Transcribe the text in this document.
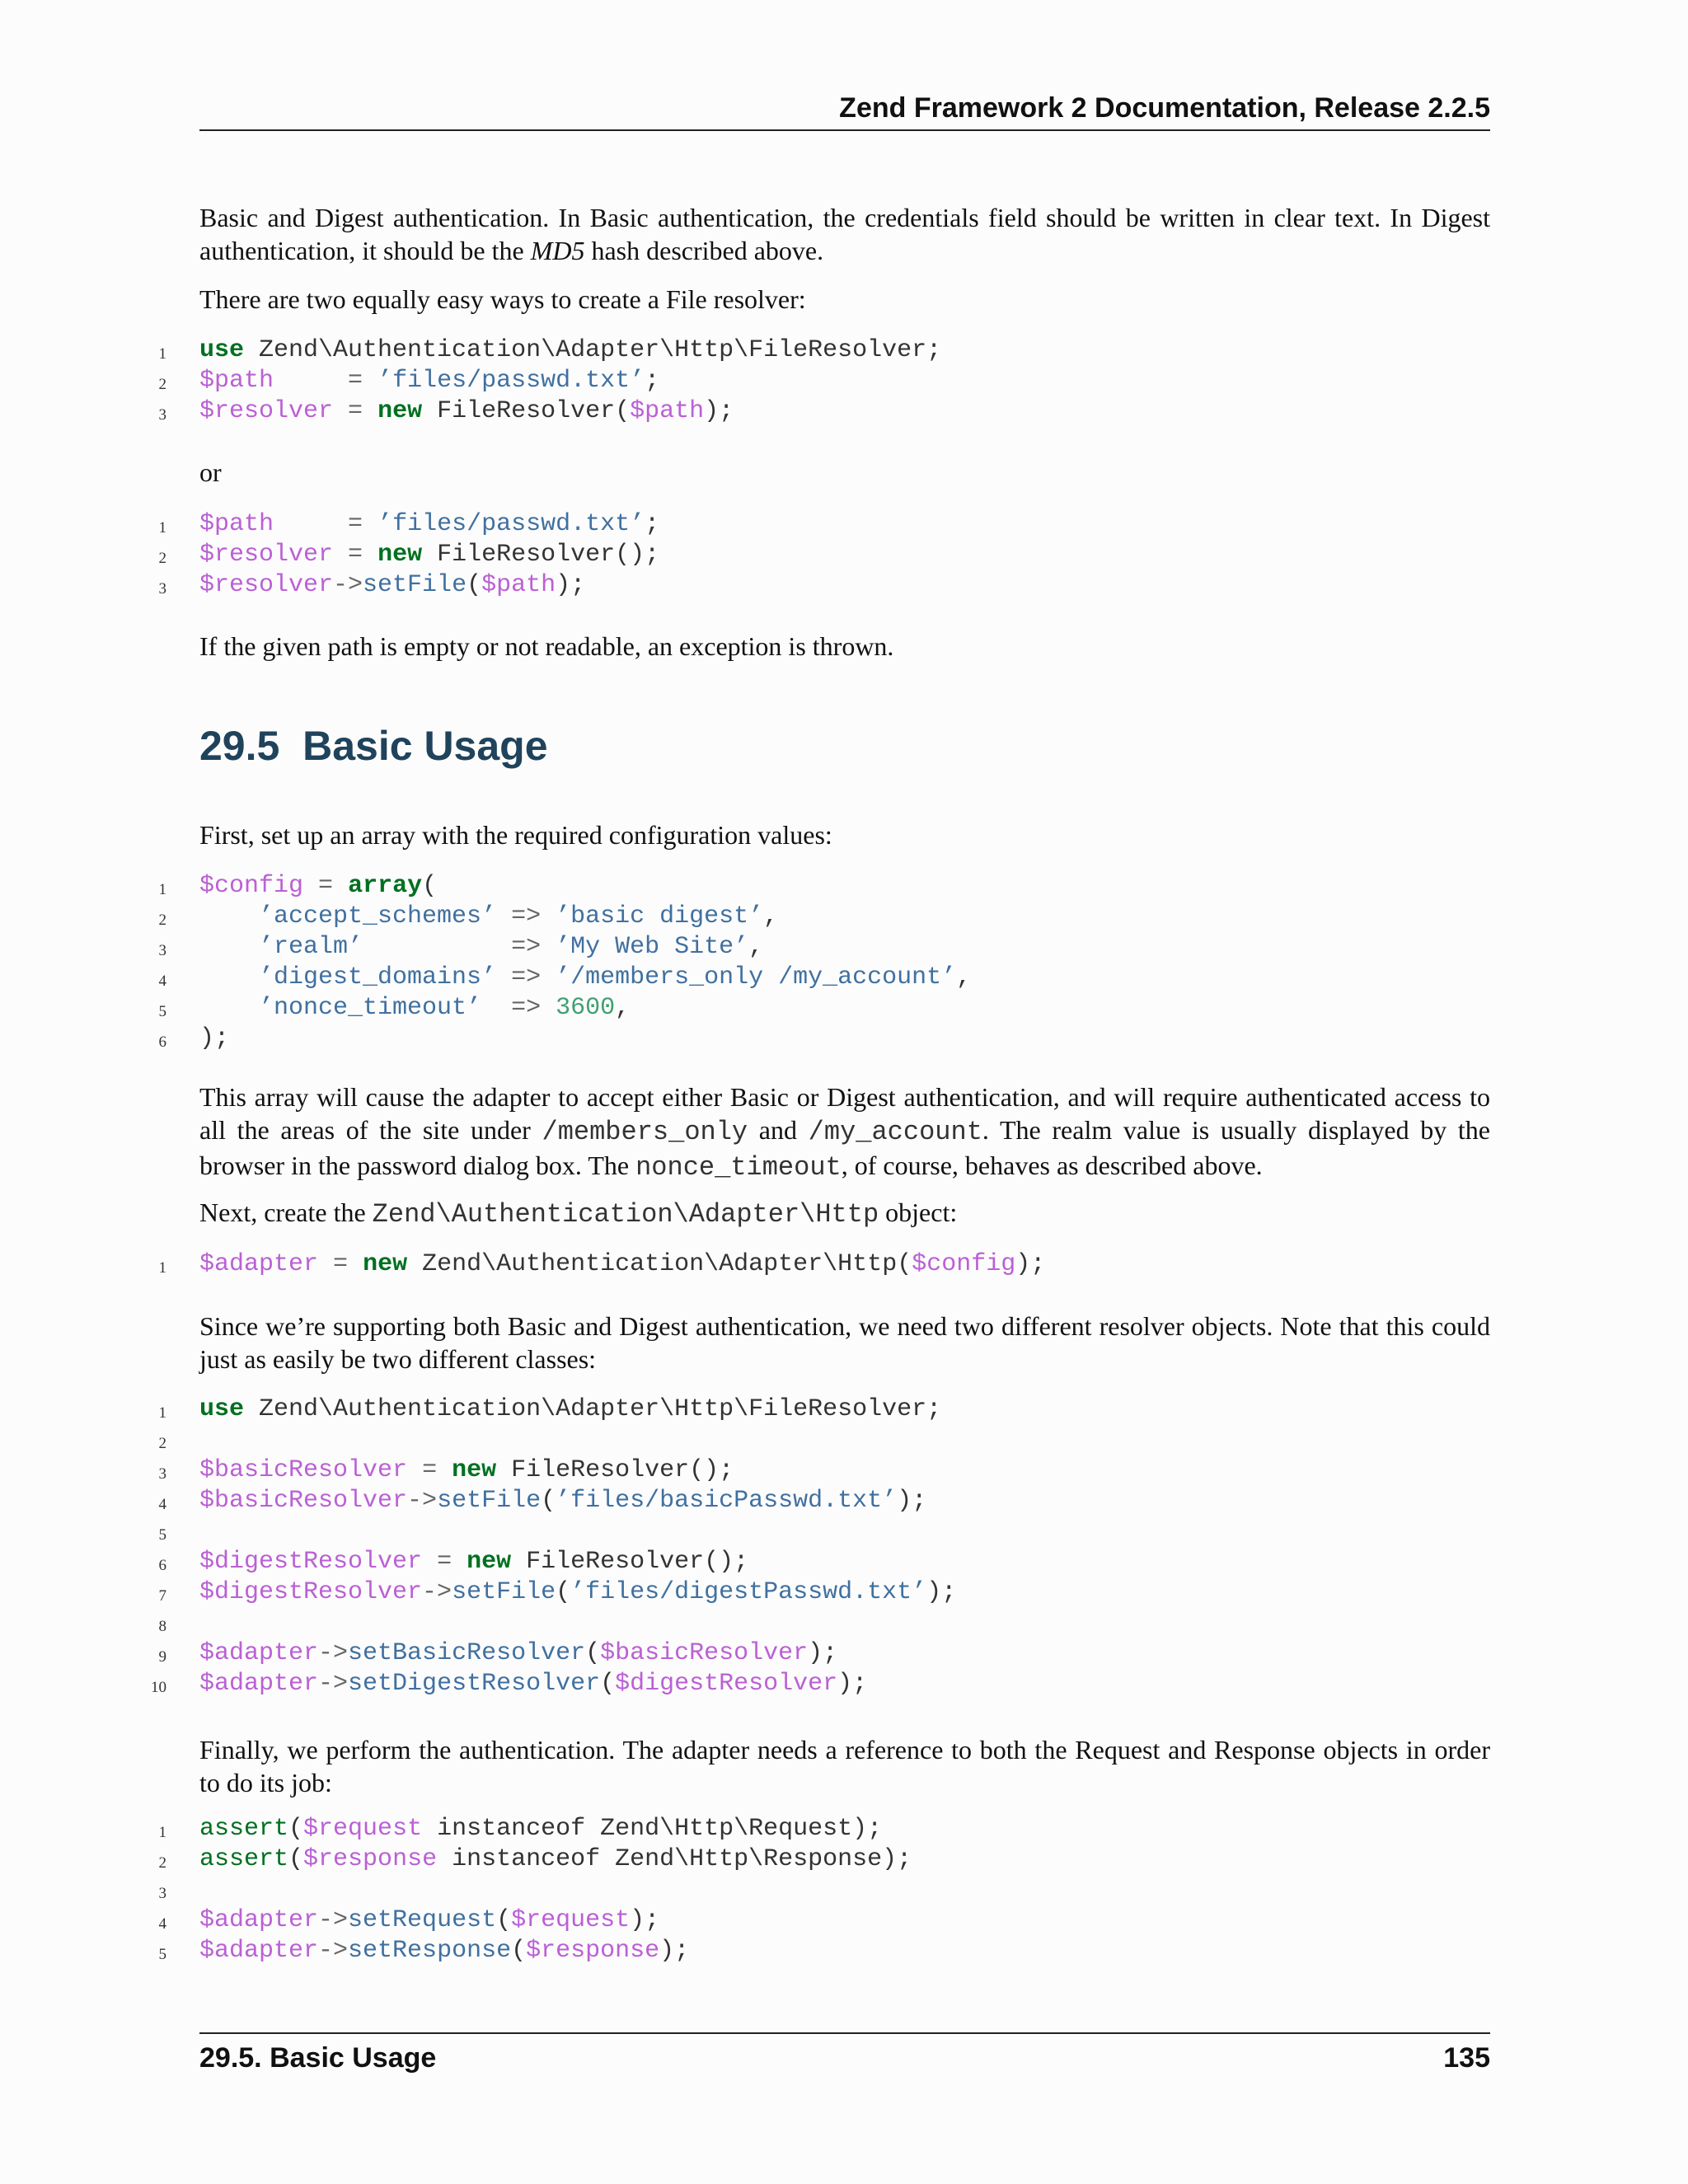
Zend Framework 2 Documentation, Release 2.2.5

Basic and Digest authentication. In Basic authentication, the credentials field should be written in clear text. In Digest authentication, it should be the MD5 hash described above.

There are two equally easy ways to create a File resolver:

1 use Zend\Authentication\Adapter\Http\FileResolver;
2 $path	= ’files/passwd.txt’;
3 $resolver = new FileResolver($path);

or

1 $path	= ’files/passwd.txt’;
2 $resolver = new FileResolver();
3 $resolver->setFile($path);

If the given path is empty or not readable, an exception is thrown.

29.5 Basic Usage

First, set up an array with the required configuration values:

1 $config = array(
2	’accept_schemes’ => ’basic digest’,
3	’realm’	=> ’My Web Site’,
4	’digest_domains’ => ’/members_only /my_account’,
5	’nonce_timeout’ => 3600,
6 );

This array will cause the adapter to accept either Basic or Digest authentication, and will require authenticated access to all the areas of the site under /members_only and /my_account. The realm value is usually displayed by the browser in the password dialog box. The nonce_timeout, of course, behaves as described above.

Next, create the Zend\Authentication\Adapter\Http object:

1 $adapter = new Zend\Authentication\Adapter\Http($config);

Since we’re supporting both Basic and Digest authentication, we need two different resolver objects. Note that this could just as easily be two different classes:

1 use Zend\Authentication\Adapter\Http\FileResolver;
2
3 $basicResolver = new FileResolver();
4 $basicResolver->setFile(’files/basicPasswd.txt’);
5
6 $digestResolver = new FileResolver();
7 $digestResolver->setFile(’files/digestPasswd.txt’);
8
9 $adapter->setBasicResolver($basicResolver);
10 $adapter->setDigestResolver($digestResolver);

Finally, we perform the authentication. The adapter needs a reference to both the Request and Response objects in order to do its job:

1 assert($request instanceof Zend\Http\Request);
2 assert($response instanceof Zend\Http\Response);
3
4 $adapter->setRequest($request);
5 $adapter->setResponse($response);
29.5. Basic Usage	135
